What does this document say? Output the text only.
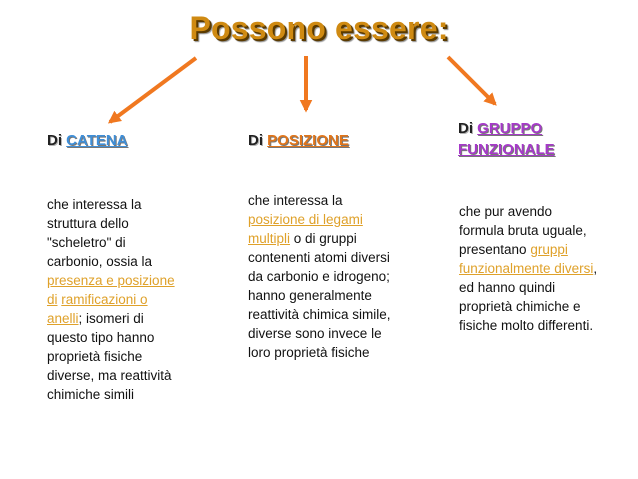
Possono essere:
Di CATENA	Di POSIZIONE
Di GRUPPO
FUNZIONALE
che interessa la
struttura dello
"scheletro" di
carbonio, ossia la
presenza e posizione
di ramificazioni o
anelli; isomeri di
questo tipo hanno
proprietà fisiche
diverse, ma reattività
chimiche simili
che interessa la
posizione di legami
multipli o di gruppi
contenenti atomi diversi
da carbonio e idrogeno;
hanno generalmente
reattività chimica simile,
diverse sono invece le
loro proprietà fisiche
che pur avendo
formula bruta uguale,
presentano gruppi
funzionalmente diversi,
ed hanno quindi
proprietà chimiche e
fisiche molto differenti.
